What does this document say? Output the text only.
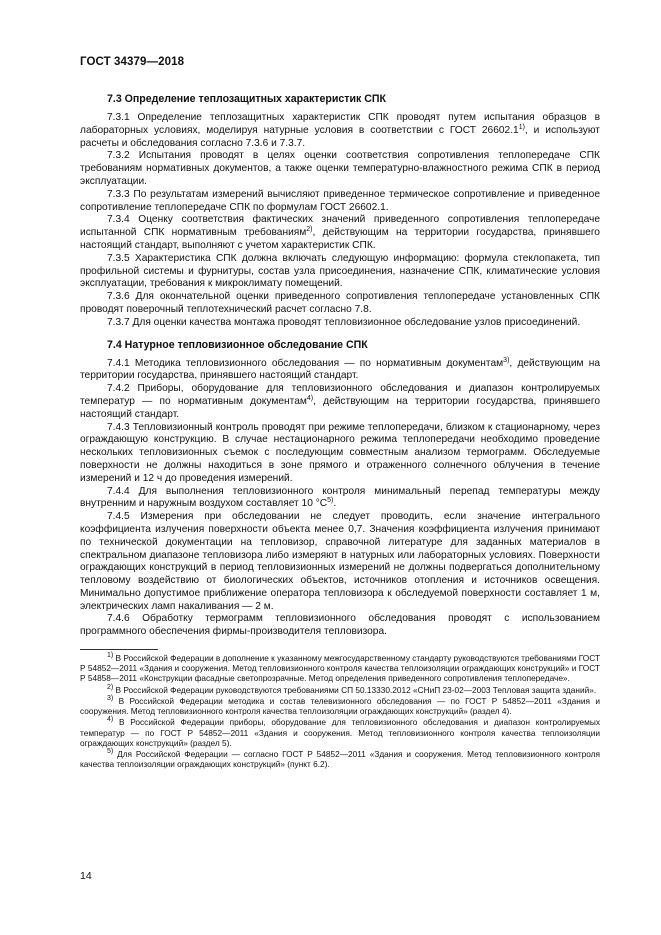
ГОСТ 34379—2018
7.3 Определение теплозащитных характеристик СПК

7.3.1 Определение теплозащитных характеристик СПК проводят путем испытания образцов в лабораторных условиях, моделируя натурные условия в соответствии с ГОСТ 26602.1$^{1)}$, и используют расчеты и обследования согласно 7.3.6 и 7.3.7.

7.3.2 Испытания проводят в целях оценки соответствия сопротивления теплопередаче СПК требованиям нормативных документов, а также оценки температурно-влажностного режима СПК в период эксплуатации.

7.3.3 По результатам измерений вычисляют приведенное термическое сопротивление и приведенное сопротивление теплопередаче СПК по формулам ГОСТ 26602.1.

7.3.4 Оценку соответствия фактических значений приведенного сопротивления теплопередаче испытанной СПК нормативным требованиям$^{2)}$, действующим на территории государства, принявшего настоящий стандарт, выполняют с учетом характеристик СПК.

7.3.5 Характеристика СПК должна включать следующую информацию: формула стеклопакета, тип профильной системы и фурнитуры, состав узла присоединения, назначение СПК, климатические условия эксплуатации, требования к микроклимату помещений.

7.3.6 Для окончательной оценки приведенного сопротивления теплопередаче установленных СПК проводят поверочный теплотехнический расчет согласно 7.8.

7.3.7 Для оценки качества монтажа проводят тепловизионное обследование узлов присоединений.

7.4 Натурное тепловизионное обследование СПК

7.4.1 Методика тепловизионного обследования — по нормативным документам$^{3)}$, действующим на территории государства, принявшего настоящий стандарт.

7.4.2 Приборы, оборудование для тепловизионного обследования и диапазон контролируемых температур — по нормативным документам$^{4)}$, действующим на территории государства, принявшего настоящий стандарт.

7.4.3 Тепловизионный контроль проводят при режиме теплопередачи, близком к стационарному, через ограждающую конструкцию. В случае нестационарного режима теплопередачи необходимо проведение нескольких тепловизионных съемок с последующим совместным анализом термограмм. Обследуемые поверхности не должны находиться в зоне прямого и отраженного солнечного облучения в течение измерений и 12 ч до проведения измерений.

7.4.4 Для выполнения тепловизионного контроля минимальный перепад температуры между внутренним и наружным воздухом составляет 10 $^\circ С^{5)}$.

7.4.5 Измерения при обследовании не следует проводить, если значение интегрального коэффициента излучения поверхности объекта менее 0,7. Значения коэффициента излучения принимают по технической документации на тепловизор, справочной литературе для заданных материалов в спектральном диапазоне тепловизора либо измеряют в натурных или лабораторных условиях. Поверхности ограждающих конструкций в период тепловизионных измерений не должны подвергаться дополнительному тепловому воздействию от биологических объектов, источников отопления и источников освещения. Минимально допустимое приближение оператора тепловизора к обследуемой поверхности составляет 1 м, электрических ламп накаливания — 2 м.

7.4.6 Обработку термограмм тепловизионного обследования проводят с использованием программного обеспечения фирмы-производителя тепловизора.

$^{1)}$ В Российской Федерации в дополнение к указанному межгосударственному стандарту руководствуются требованиями ГОСТ Р 54852—2011 «Здания и сооружения. Метод тепловизионного контроля качества теплоизоляции ограждающих конструкций» и ГОСТ Р 54858—2011 «Конструкции фасадные светопрозрачные. Метод определения приведенного сопротивления теплопередаче».
$^{2)}$ В Российской Федерации руководствуются требованиями СП 50.13330.2012 «СНиП 23-02—2003 Тепловая защита зданий».
$^{3)}$ В Российской Федерации методика и состав телевизионного обследования — по ГОСТ Р 54852—2011 «Здания и сооружения. Метод тепловизионного контроля качества теплоизоляции ограждающих конструкций» (раздел 4).
$^{4)}$ В Российской Федерации приборы, оборудование для тепловизионного обследования и диапазон контролируемых температур — по ГОСТ Р 54852—2011 «Здания и сооружения. Метод тепловизионного контроля качества теплоизоляции ограждающих конструкций» (раздел 5).
$^{5)}$ Для Российской Федерации — согласно ГОСТ Р 54852—2011 «Здания и сооружения. Метод тепловизионного контроля качества теплоизоляции ограждающих конструкций» (пункт 6.2).
14
